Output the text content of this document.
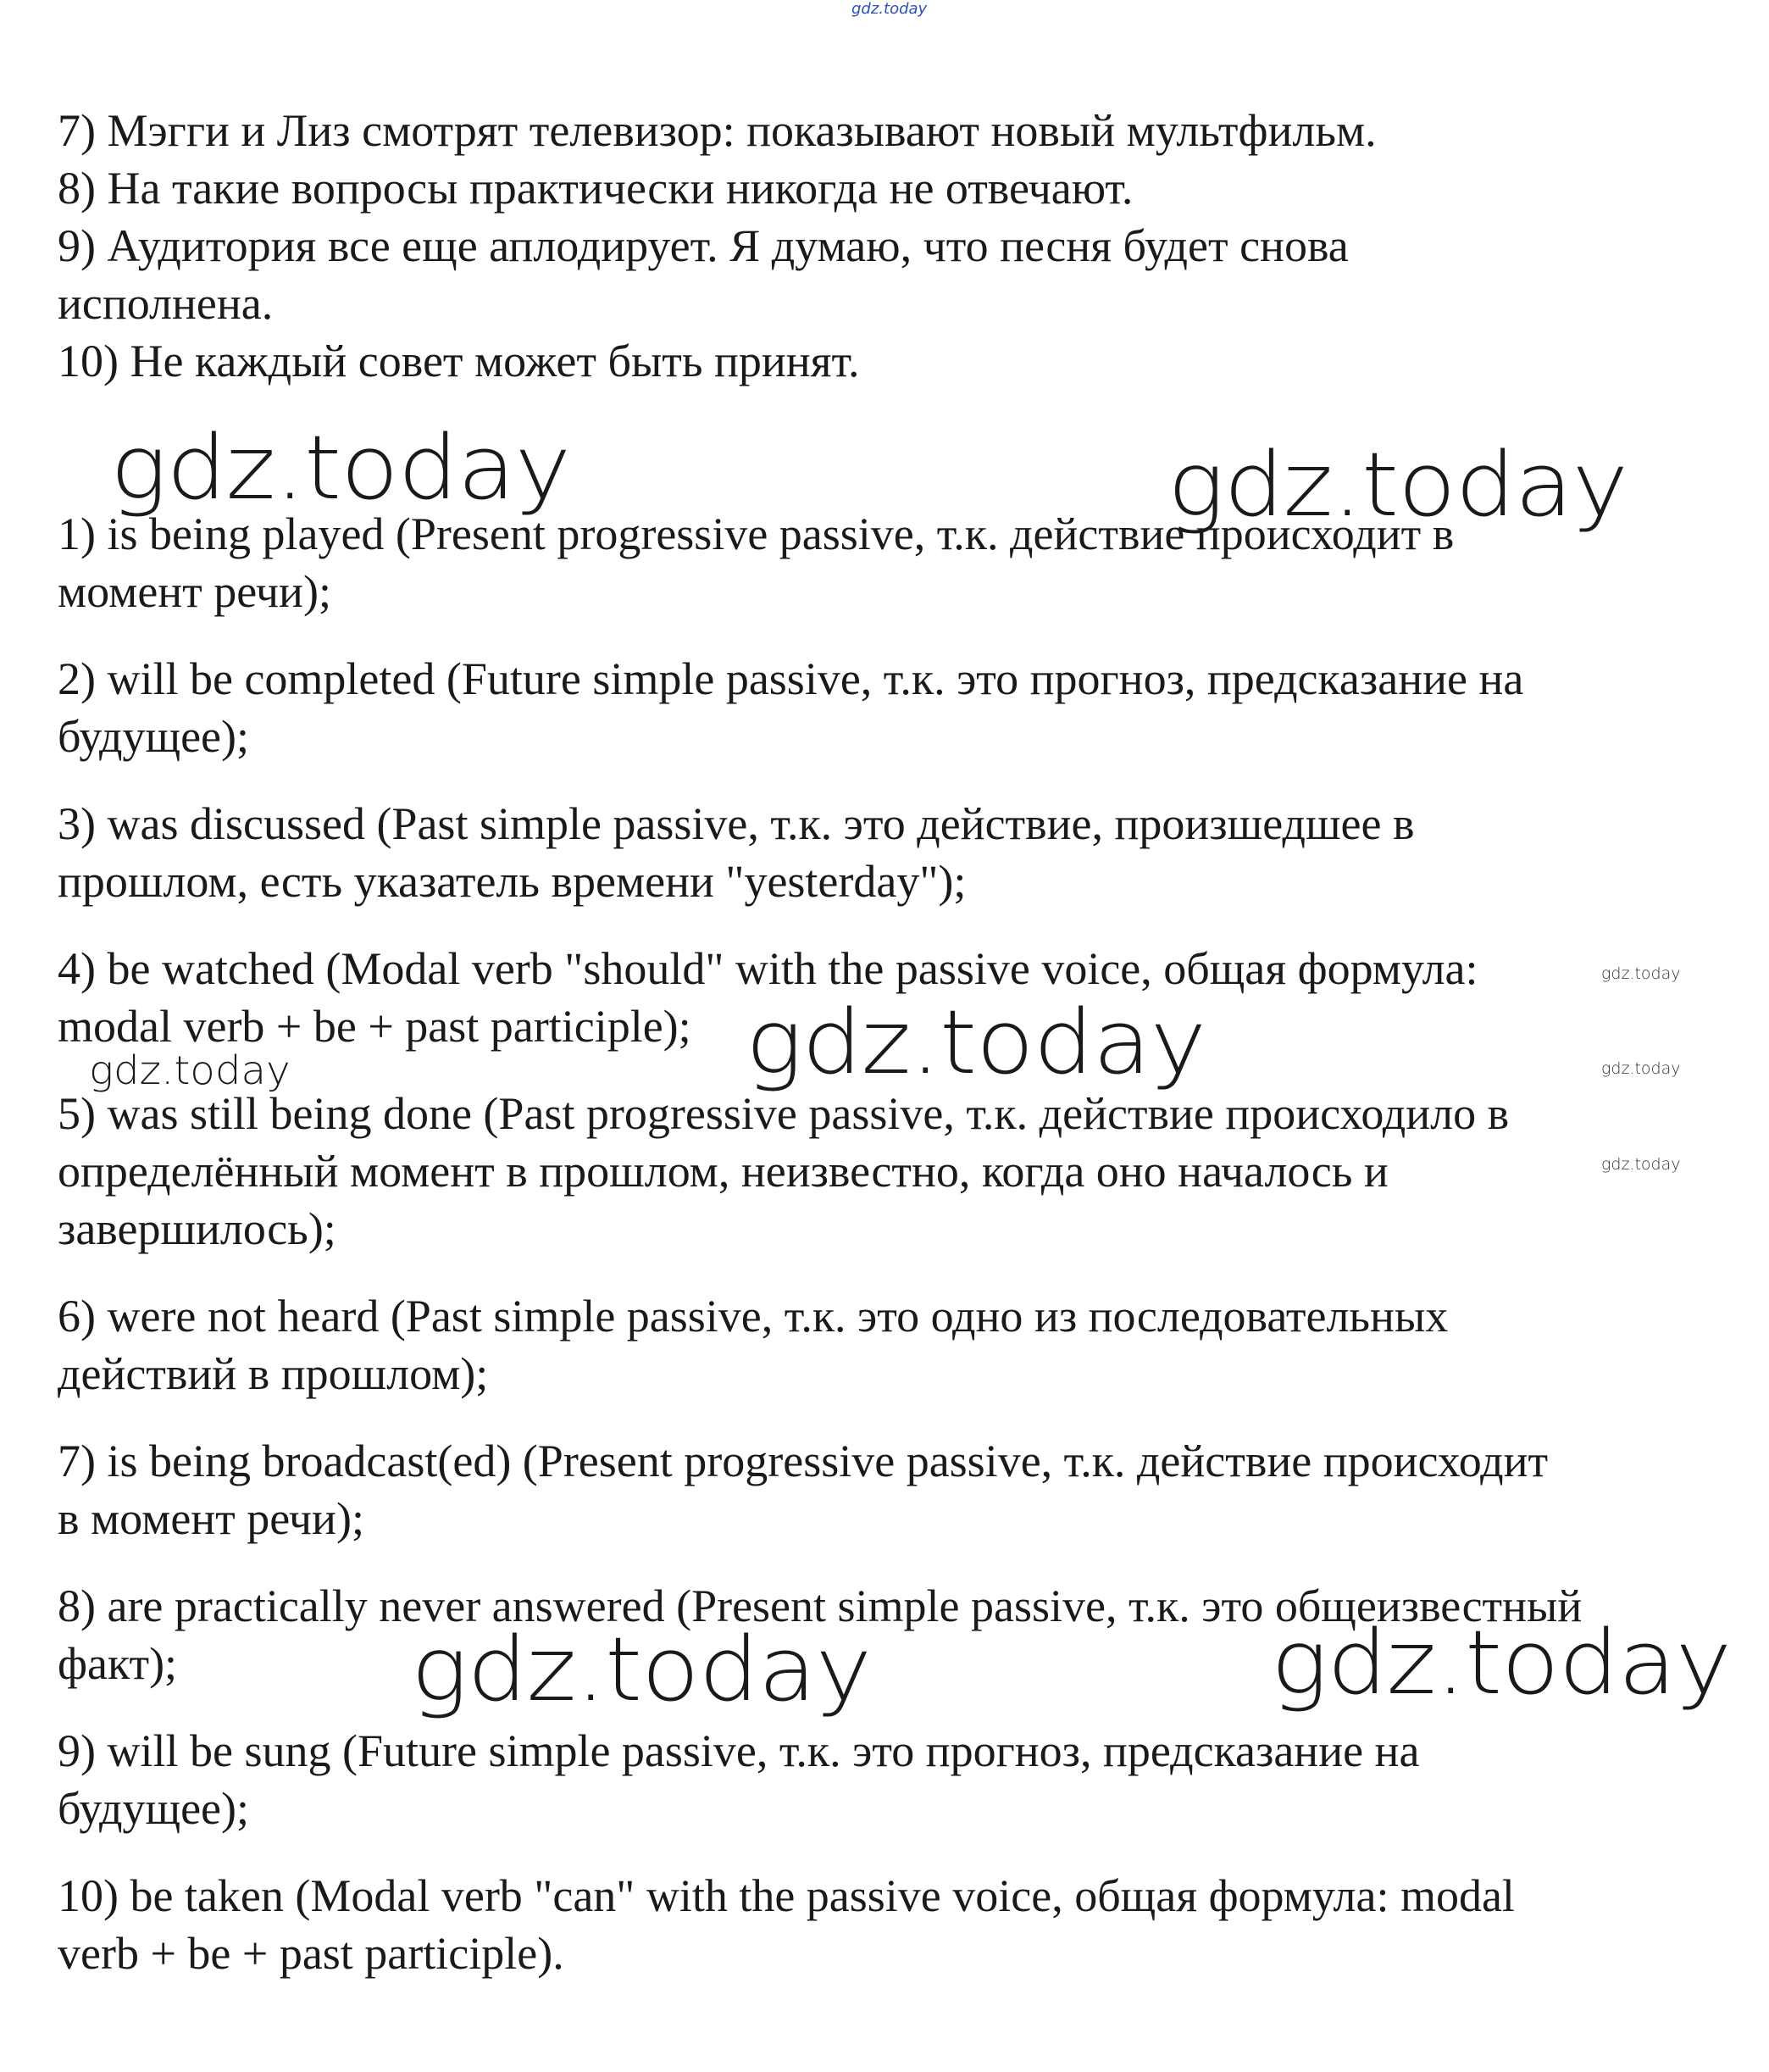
gdz.today
7) Мэгги и Лиз смотрят телевизор: показывают новый мультфильм.
8) На такие вопросы практически никогда не отвечают.
9) Аудитория все еще аплодирует. Я думаю, что песня будет снова
исполнена.
10) Не каждый совет может быть принят.
gdz.today	gdz.today
1) is being played (Present progressive passive, т.к. действие происходит в
момент речи);
2) will be completed (Future simple passive, т.к. это прогноз, предсказание на
будущее);
3) was discussed (Past simple passive, т.к. это действие, произшедшее в
прошлом, есть указатель времени "yesterday");
4) be watched (Modal verb "should" with the passive voice, общая формула:
modal verb + be + past participle);
gdz.today
gdz.today
gdz.today	gdz.today
gdz.today
5) was still being done (Past progressive passive, т.к. действие происходило в
определённый момент в прошлом, неизвестно, когда оно началось и
завершилось);
6) were not heard (Past simple passive, т.к. это одно из последовательных
действий в прошлом);
7) is being broadcast(ed) (Present progressive passive, т.к. действие происходит
в момент речи);
8) are practically never answered (Present simple passive, т.к. это общеизвестный
факт);	gdz.today	gdz.today
9) will be sung (Future simple passive, т.к. это прогноз, предсказание на
будущее);
10) be taken (Modal verb "can" with the passive voice, общая формула: modal
verb + be + past participle).
